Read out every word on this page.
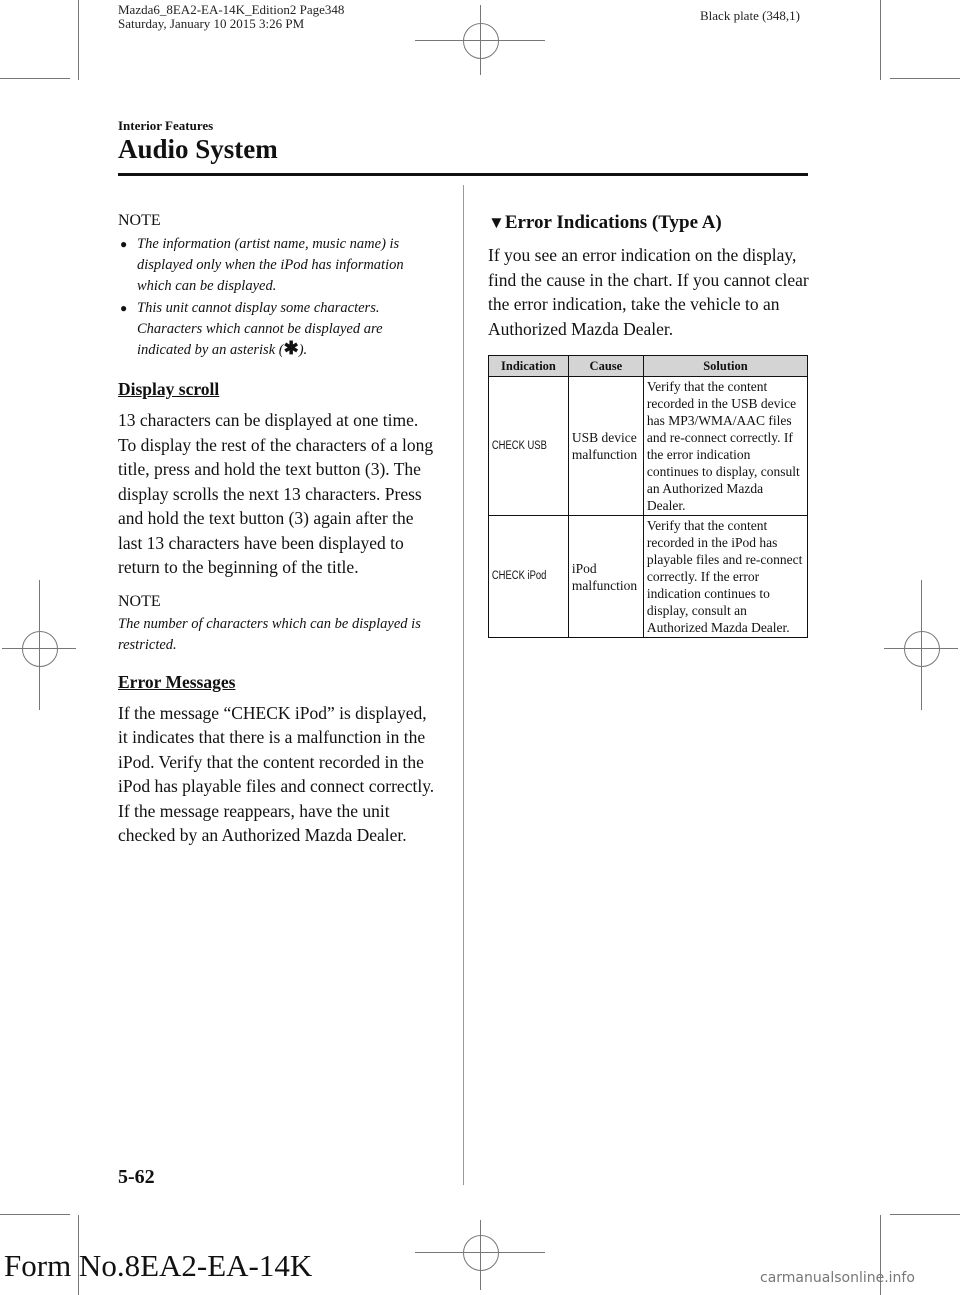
Mazda6_8EA2-EA-14K_Edition2 Page348
Saturday, January 10 2015 3:26 PM
Black plate (348,1)
Interior Features
Audio System
NOTE
● The information (artist name, music name) is displayed only when the iPod has information which can be displayed.
● This unit cannot display some characters. Characters which cannot be displayed are indicated by an asterisk (✱).
Display scroll

13 characters can be displayed at one time. To display the rest of the characters of a long title, press and hold the text button (3). The display scrolls the next 13 characters. Press and hold the text button (3) again after the last 13 characters have been displayed to return to the beginning of the title.

NOTE

The number of characters which can be displayed is restricted.

Error Messages

If the message “CHECK iPod” is displayed, it indicates that there is a malfunction in the iPod. Verify that the content recorded in the iPod has playable files and connect correctly. If the message reappears, have the unit checked by an Authorized Mazda Dealer.

▼Error Indications (Type A)

If you see an error indication on the display, find the cause in the chart. If you cannot clear the error indication, take the vehicle to an Authorized Mazda Dealer.

Indication	Cause	Solution
CHECK USB	USB device malfunction	Verify that the content recorded in the USB device has MP3/WMA/AAC files and re-connect correctly. If the error indication continues to display, consult an Authorized Mazda Dealer.
CHECK iPod	iPod malfunction	Verify that the content recorded in the iPod has playable files and re-connect correctly. If the error indication continues to display, consult an Authorized Mazda Dealer.
5-62
Form No.8EA2-EA-14K	carmanualsonline.info
